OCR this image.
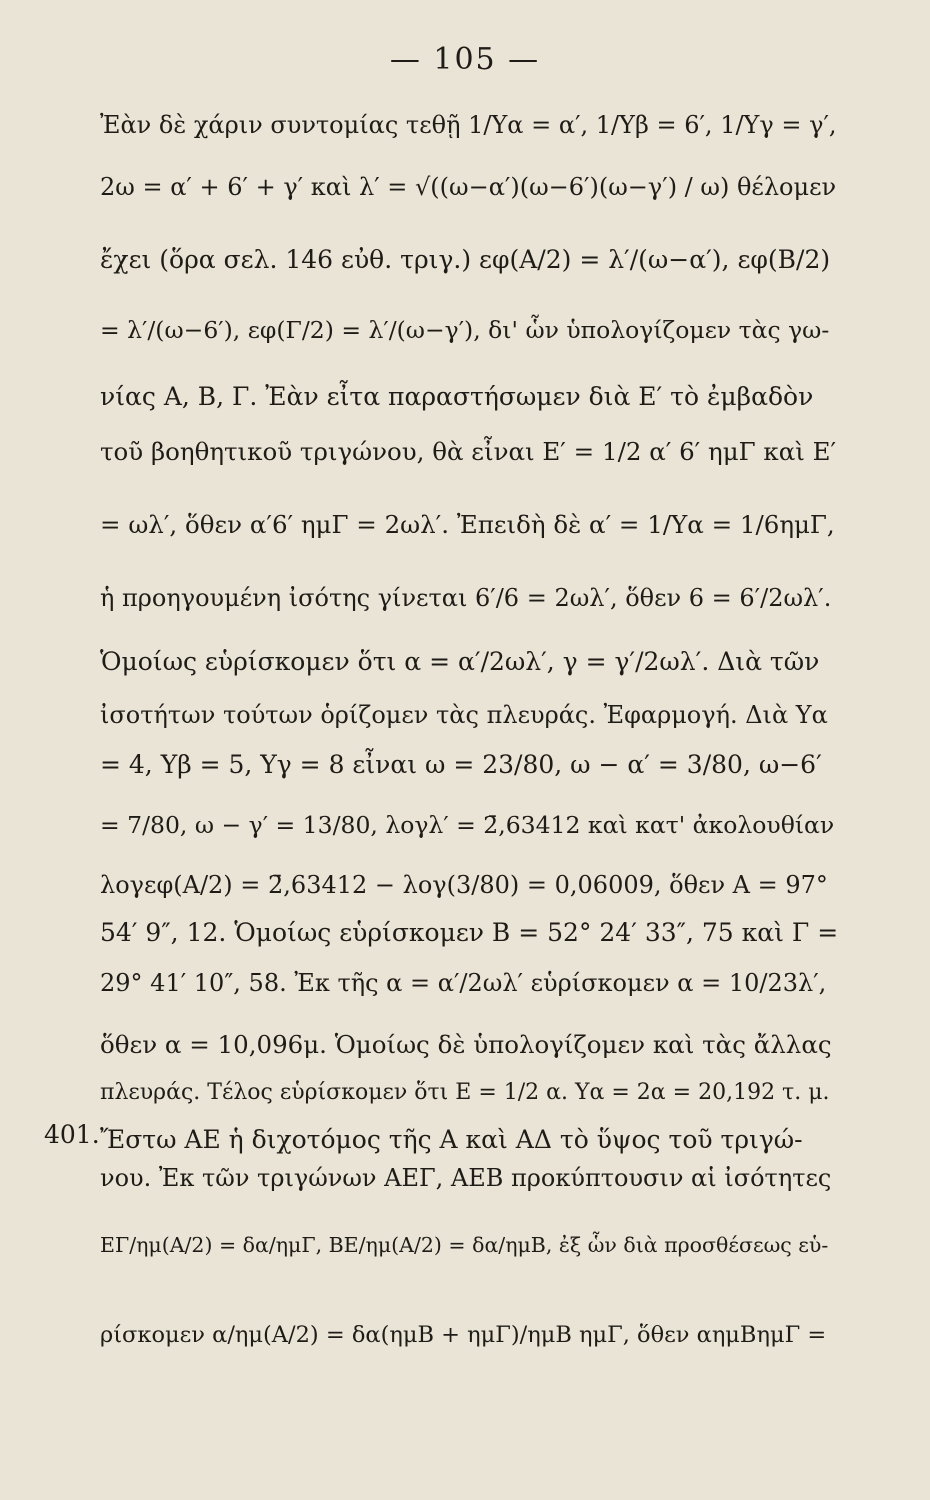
— 105 —
401.
Ἐὰν δὲ χάριν συντομίας τεθῇ 1/Υα = α′, 1/Υβ = 6′, 1/Υγ = γ′,
2ω = α′ + 6′ + γ′ καὶ λ′ = √((ω−α′)(ω−6′)(ω−γ′) / ω) θέλομεν
ἔχει (ὅρα σελ. 146 εὐθ. τριγ.) εφ(A/2) = λ′/(ω−α′), εφ(B/2)
= λ′/(ω−6′), εφ(Γ/2) = λ′/(ω−γ′), δι' ὧν ὑπολογίζομεν τὰς γω-
νίας Α, Β, Γ. Ἐὰν εἶτα παραστήσωμεν διὰ Ε′ τὸ ἐμβαδὸν
τοῦ βοηθητικοῦ τριγώνου, θὰ εἶναι Ε′ = 1/2 α′ 6′ ημΓ καὶ Ε′
= ωλ′, ὅθεν α′6′ ημΓ = 2ωλ′. Ἐπειδὴ δὲ α′ = 1/Υα = 1/6ημΓ,
ἡ προηγουμένη ἰσότης γίνεται 6′/6 = 2ωλ′, ὅθεν 6 = 6′/2ωλ′.
Ὁμοίως εὑρίσκομεν ὅτι α = α′/2ωλ′, γ = γ′/2ωλ′. Διὰ τῶν
ἰσοτήτων τούτων ὁρίζομεν τὰς πλευράς. Ἐφαρμογή. Διὰ Υα
= 4, Υβ = 5, Υγ = 8 εἶναι ω = 23/80, ω − α′ = 3/80, ω−6′
= 7/80, ω − γ′ = 13/80, λογλ′ = 2̄,63412 καὶ κατ' ἀκολουθίαν
λογεφ(A/2) = 2̄,63412 − λογ(3/80) = 0,06009, ὅθεν Α = 97°
54′ 9″, 12. Ὁμοίως εὑρίσκομεν Β = 52° 24′ 33″, 75 καὶ Γ =
29° 41′ 10″, 58. Ἐκ τῆς α = α′/2ωλ′ εὑρίσκομεν α = 10/23λ′,
ὅθεν α = 10,096μ. Ὁμοίως δὲ ὑπολογίζομεν καὶ τὰς ἄλλας
πλευράς. Τέλος εὑρίσκομεν ὅτι Ε = 1/2 α. Υα = 2α = 20,192 τ. μ.
Ἔστω ΑΕ ἡ διχοτόμος τῆς Α καὶ ΑΔ τὸ ὕψος τοῦ τριγώ-
νου. Ἐκ τῶν τριγώνων ΑΕΓ, ΑΕΒ προκύπτουσιν αἱ ἰσότητες
ΕΓ/ημ(A/2) = δα/ημΓ, ΒΕ/ημ(A/2) = δα/ημΒ, ἐξ ὧν διὰ προσθέσεως εὑ-
ρίσκομεν α/ημ(A/2) = δα(ημΒ + ημΓ)/ημΒ ημΓ, ὅθεν αημΒημΓ =
